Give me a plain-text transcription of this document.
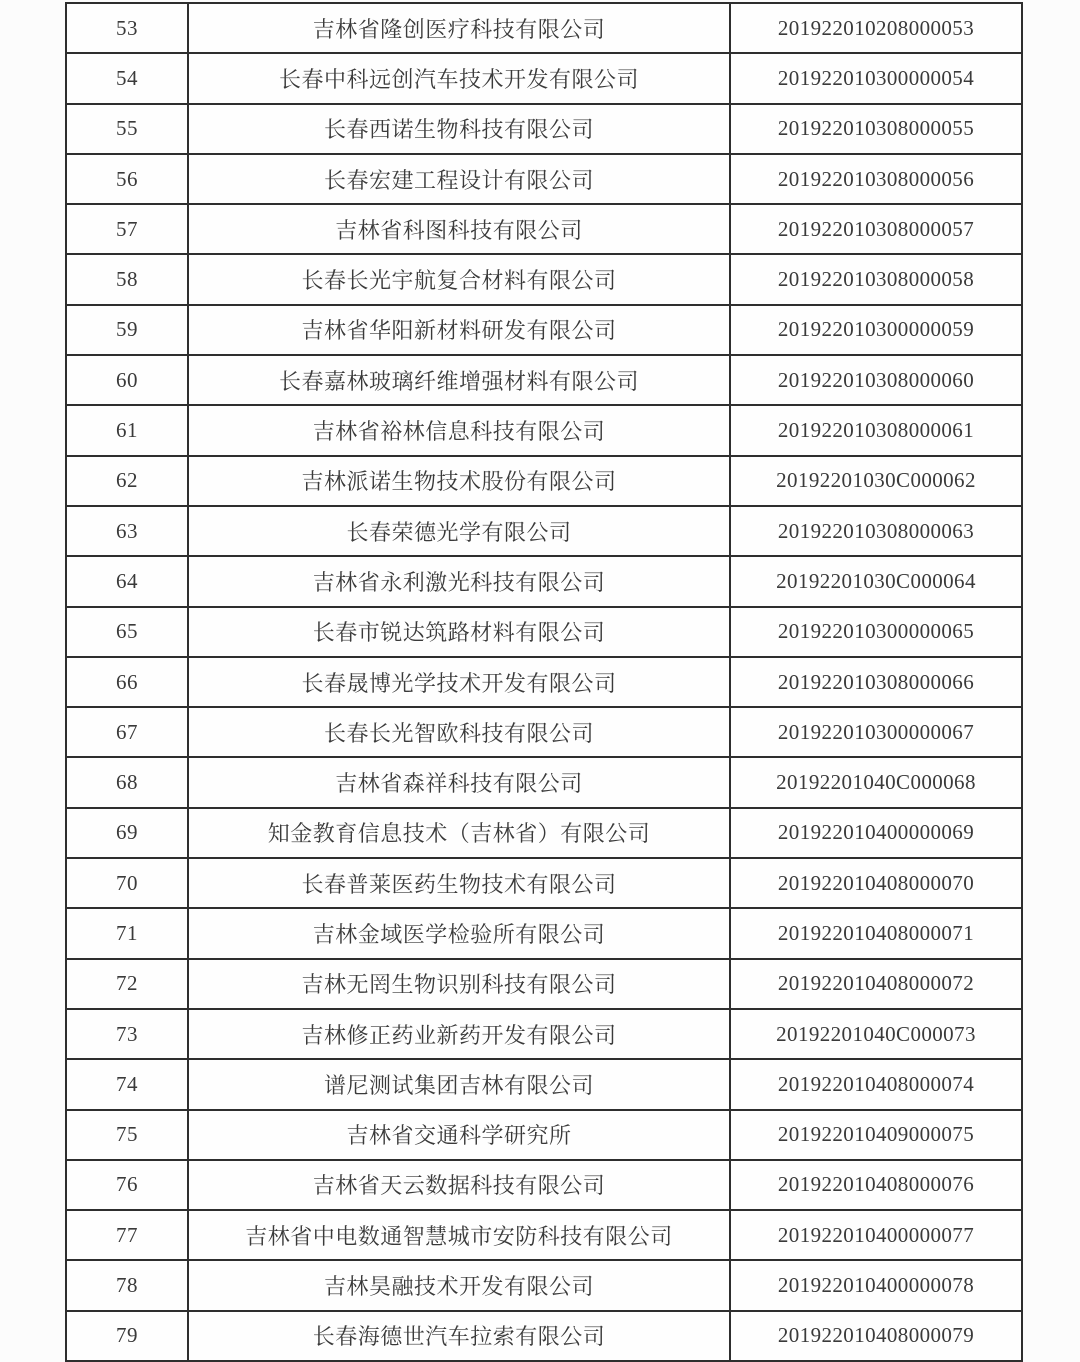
53	吉林省隆创医疗科技有限公司	201922010208000053
54	长春中科远创汽车技术开发有限公司	201922010300000054
55	长春西诺生物科技有限公司	201922010308000055
56	长春宏建工程设计有限公司	201922010308000056
57	吉林省科图科技有限公司	201922010308000057
58	长春长光宇航复合材料有限公司	201922010308000058
59	吉林省华阳新材料研发有限公司	201922010300000059
60	长春嘉林玻璃纤维增强材料有限公司	201922010308000060
61	吉林省裕林信息科技有限公司	201922010308000061
62	吉林派诺生物技术股份有限公司	20192201030C000062
63	长春荣德光学有限公司	201922010308000063
64	吉林省永利激光科技有限公司	20192201030C000064
65	长春市锐达筑路材料有限公司	201922010300000065
66	长春晟博光学技术开发有限公司	201922010308000066
67	长春长光智欧科技有限公司	201922010300000067
68	吉林省森祥科技有限公司	20192201040C000068
69	知金教育信息技术（吉林省）有限公司	201922010400000069
70	长春普莱医药生物技术有限公司	201922010408000070
71	吉林金域医学检验所有限公司	201922010408000071
72	吉林无罔生物识别科技有限公司	201922010408000072
73	吉林修正药业新药开发有限公司	20192201040C000073
74	谱尼测试集团吉林有限公司	201922010408000074
75	吉林省交通科学研究所	201922010409000075
76	吉林省天云数据科技有限公司	201922010408000076
77	吉林省中电数通智慧城市安防科技有限公司	201922010400000077
78	吉林昊融技术开发有限公司	201922010400000078
79	长春海德世汽车拉索有限公司	201922010408000079
